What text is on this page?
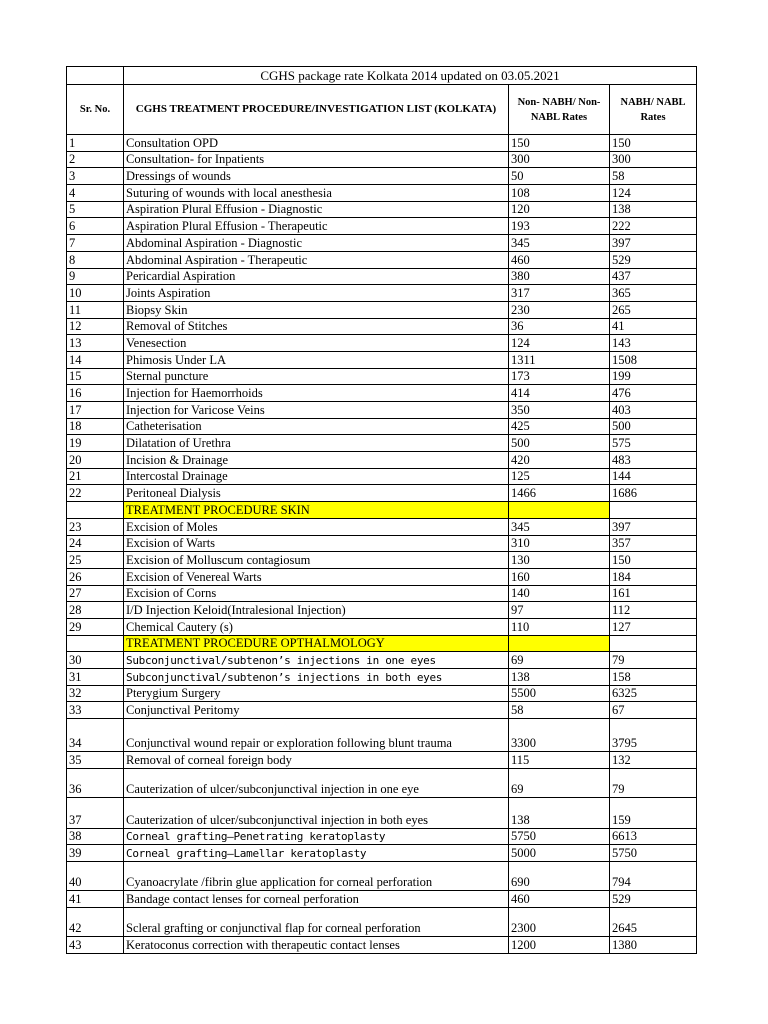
	CGHS package rate Kolkata 2014 updated on 03.05.2021		
Sr. No.	CGHS TREATMENT PROCEDURE/INVESTIGATION LIST (KOLKATA)	Non- NABH/ Non- NABL Rates	NABH/ NABL Rates
1	Consultation OPD	150	150
2	Consultation- for Inpatients	300	300
3	Dressings of wounds	50	58
4	Suturing of wounds with local anesthesia	108	124
5	Aspiration Plural Effusion - Diagnostic	120	138
6	Aspiration Plural Effusion - Therapeutic	193	222
7	Abdominal Aspiration - Diagnostic	345	397
8	Abdominal Aspiration - Therapeutic	460	529
9	Pericardial Aspiration	380	437
10	Joints Aspiration	317	365
11	Biopsy Skin	230	265
12	Removal of Stitches	36	41
13	Venesection	124	143
14	Phimosis Under LA	1311	1508
15	Sternal puncture	173	199
16	Injection for Haemorrhoids	414	476
17	Injection for Varicose Veins	350	403
18	Catheterisation	425	500
19	Dilatation of Urethra	500	575
20	Incision & Drainage	420	483
21	Intercostal Drainage	125	144
22	Peritoneal Dialysis	1466	1686
	TREATMENT PROCEDURE SKIN		
23	Excision of Moles	345	397
24	Excision of Warts	310	357
25	Excision of Molluscum contagiosum	130	150
26	Excision of Venereal Warts	160	184
27	Excision of Corns	140	161
28	I/D Injection Keloid(Intralesional Injection)	97	112
29	Chemical Cautery (s)	110	127
	TREATMENT PROCEDURE OPTHALMOLOGY		
30	Subconjunctival/subtenon’s injections in one eyes	69	79
31	Subconjunctival/subtenon’s injections in both eyes	138	158
32	Pterygium Surgery	5500	6325
33	Conjunctival Peritomy	58	67
34	Conjunctival wound repair or exploration following blunt trauma	3300	3795
35	Removal of corneal foreign body	115	132
36	Cauterization of ulcer/subconjunctival injection in one eye	69	79
37	Cauterization of ulcer/subconjunctival injection in both eyes	138	159
38	Corneal grafting—Penetrating keratoplasty	5750	6613
39	Corneal grafting—Lamellar keratoplasty	5000	5750
40	Cyanoacrylate /fibrin glue application for corneal perforation	690	794
41	Bandage contact lenses for corneal perforation	460	529
42	Scleral grafting or conjunctival flap for corneal perforation	2300	2645
43	Keratoconus correction with therapeutic contact lenses	1200	1380
